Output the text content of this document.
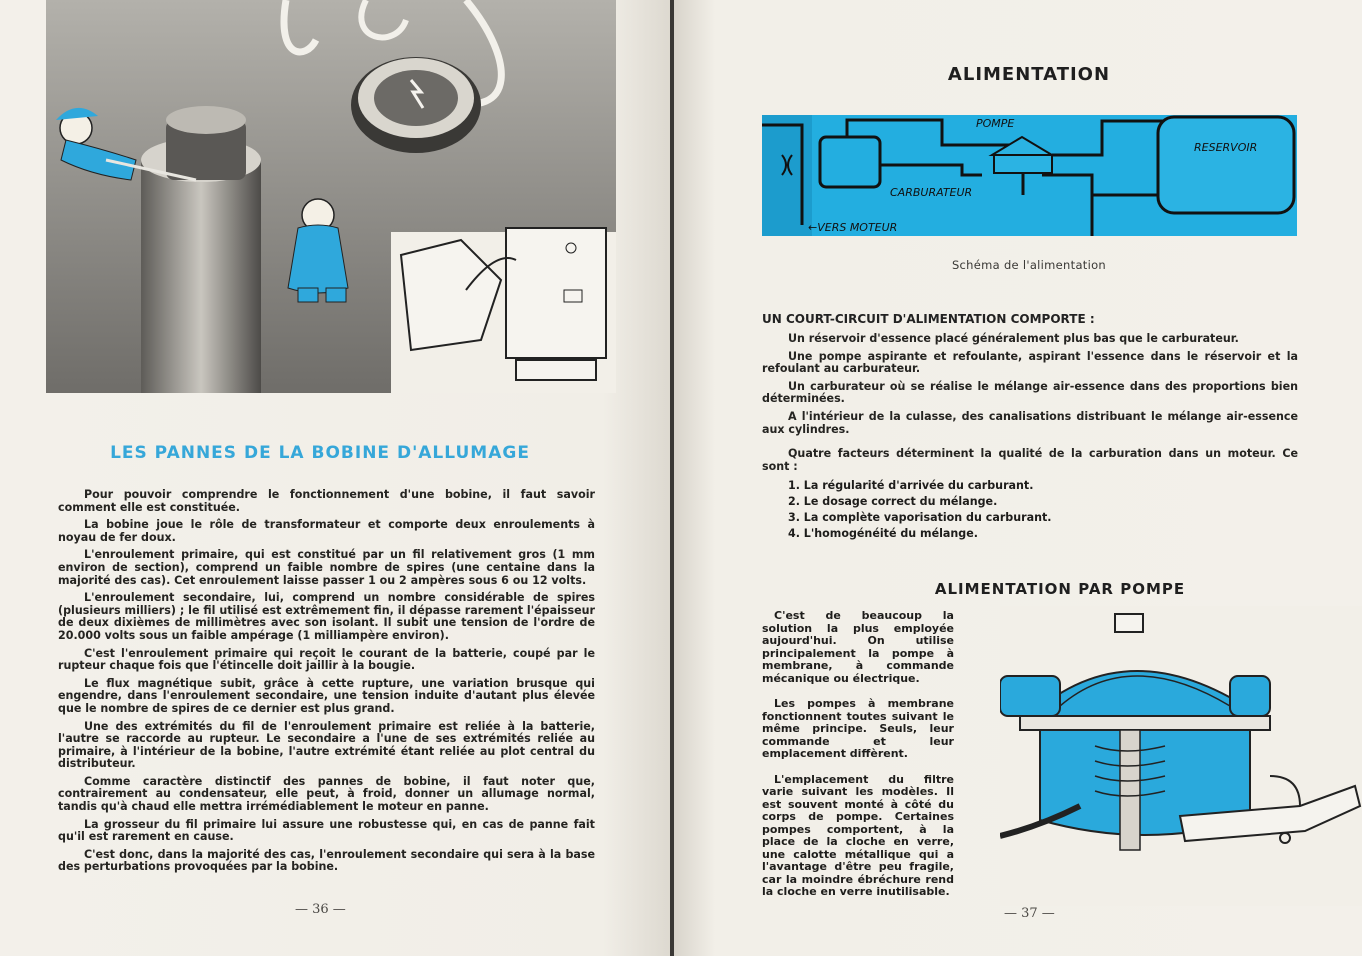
LES PANNES DE LA BOBINE D'ALLUMAGE

Pour pouvoir comprendre le fonctionnement d'une bobine, il faut savoir comment elle est constituée.

La bobine joue le rôle de transformateur et comporte deux enroulements à noyau de fer doux.

L'enroulement primaire, qui est constitué par un fil relativement gros (1 mm environ de section), comprend un faible nombre de spires (une centaine dans la majorité des cas). Cet enroulement laisse passer 1 ou 2 ampères sous 6 ou 12 volts.

L'enroulement secondaire, lui, comprend un nombre considérable de spires (plusieurs milliers) ; le fil utilisé est extrêmement fin, il dépasse rarement l'épaisseur de deux dixièmes de millimètres avec son isolant. Il subit une tension de l'ordre de 20.000 volts sous un faible ampérage (1 milliampère environ).

C'est l'enroulement primaire qui reçoit le courant de la batterie, coupé par le rupteur chaque fois que l'étincelle doit jaillir à la bougie.

Le flux magnétique subit, grâce à cette rupture, une variation brusque qui engendre, dans l'enroulement secondaire, une tension induite d'autant plus élevée que le nombre de spires de ce dernier est plus grand.

Une des extrémités du fil de l'enroulement primaire est reliée à la batterie, l'autre se raccorde au rupteur. Le secondaire a l'une de ses extrémités reliée au primaire, à l'intérieur de la bobine, l'autre extrémité étant reliée au plot central du distributeur.

Comme caractère distinctif des pannes de bobine, il faut noter que, contrairement au condensateur, elle peut, à froid, donner un allumage normal, tandis qu'à chaud elle mettra irrémédiablement le moteur en panne.

La grosseur du fil primaire lui assure une robustesse qui, en cas de panne fait qu'il est rarement en cause.

C'est donc, dans la majorité des cas, l'enroulement secondaire qui sera à la base des perturbations provoquées par la bobine.

— 36 —
ALIMENTATION
POMPE
RESERVOIR
CARBURATEUR
←VERS MOTEUR
Schéma de l'alimentation
UN COURT-CIRCUIT D'ALIMENTATION COMPORTE :

Un réservoir d'essence placé généralement plus bas que le carburateur.

Une pompe aspirante et refoulante, aspirant l'essence dans le réservoir et la refoulant au carburateur.

Un carburateur où se réalise le mélange air-essence dans des proportions bien déterminées.

A l'intérieur de la culasse, des canalisations distribuant le mélange air-essence aux cylindres.

Quatre facteurs déterminent la qualité de la carburation dans un moteur. Ce sont :

1. La régularité d'arrivée du carburant.
2. Le dosage correct du mélange.
3. La complète vaporisation du carburant.
4. L'homogénéité du mélange.
ALIMENTATION PAR POMPE

C'est de beaucoup la solution la plus employée aujourd'hui. On utilise principalement la pompe à membrane, à commande mécanique ou électrique.

Les pompes à membrane fonctionnent toutes suivant le même principe. Seuls, leur commande et leur emplacement diffèrent.

L'emplacement du filtre varie suivant les modèles. Il est souvent monté à côté du corps de pompe. Certaines pompes comportent, à la place de la cloche en verre, une calotte métallique qui a l'avantage d'être peu fragile, car la moindre ébréchure rend la cloche en verre inutilisable.

— 37 —
